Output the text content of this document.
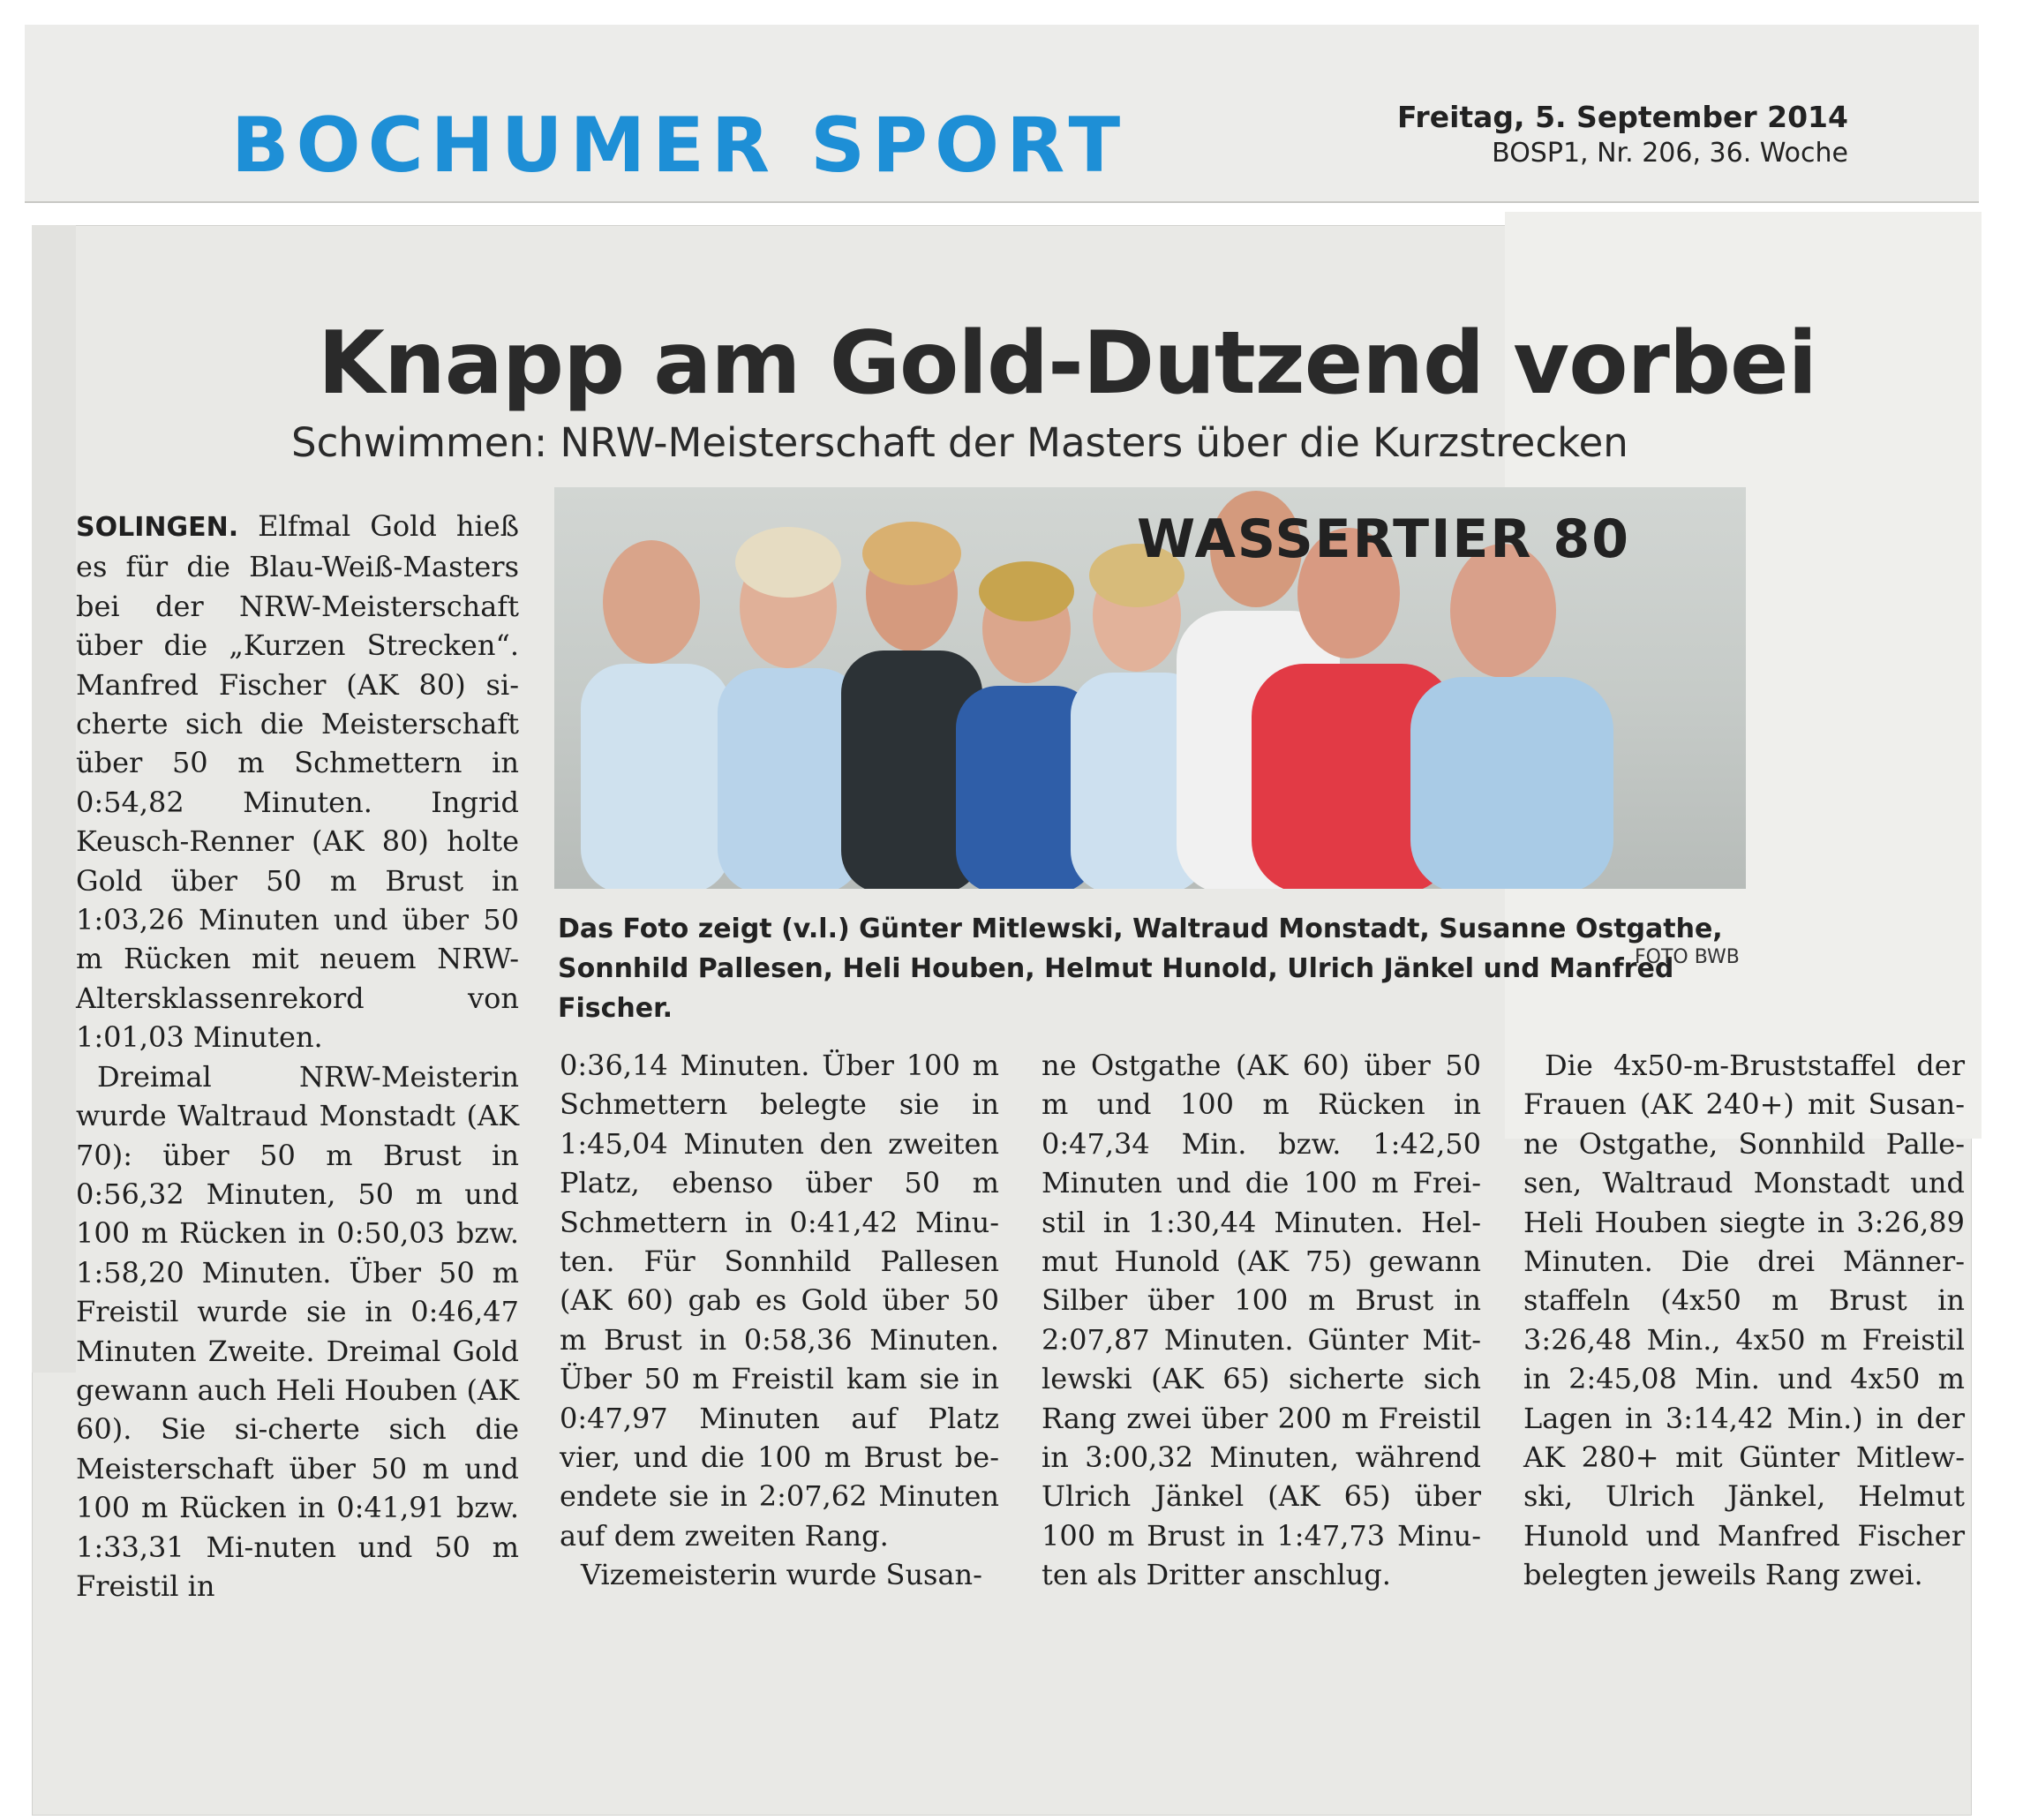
BOCHUMER SPORT	Freitag, 5. September 2014
BOSP1, Nr. 206, 36. Woche
Knapp am Gold-Dutzend vorbei
Schwimmen: NRW-Meisterschaft der Masters über die Kurzstrecken
WASSERTIER 80
Das Foto zeigt (v.l.) Günter Mitlewski, Waltraud Monstadt, Susanne Ostgathe, Sonnhild Pallesen, Heli Houben, Helmut Hunold, Ulrich Jänkel und Manfred Fischer.
FOTO BWB

SOLINGEN. Elfmal Gold hieß es für die Blau-Weiß-Masters bei der NRW-Meisterschaft über die „Kurzen Strecken“. Manfred Fischer (AK 80) si-cherte sich die Meisterschaft über 50 m Schmettern in 0:54,82 Minuten. Ingrid Keusch-Renner (AK 80) holte Gold über 50 m Brust in 1:03,26 Minuten und über 50 m Rücken mit neuem NRW-Altersklassenrekord von 1:01,03 Minuten.

Dreimal NRW-Meisterin wurde Waltraud Monstadt (AK 70): über 50 m Brust in 0:56,32 Minuten, 50 m und 100 m Rücken in 0:50,03 bzw. 1:58,20 Minuten. Über 50 m Freistil wurde sie in 0:46,47 Minuten Zweite. Dreimal Gold gewann auch Heli Houben (AK 60). Sie si-cherte sich die Meisterschaft über 50 m und 100 m Rücken in 0:41,91 bzw. 1:33,31 Mi-nuten und 50 m Freistil in

0:36,14 Minuten. Über 100 m Schmettern belegte sie in 1:45,04 Minuten den zweiten Platz, ebenso über 50 m Schmettern in 0:41,42 Minu-ten. Für Sonnhild Pallesen (AK 60) gab es Gold über 50 m Brust in 0:58,36 Minuten. Über 50 m Freistil kam sie in 0:47,97 Minuten auf Platz vier, und die 100 m Brust be-endete sie in 2:07,62 Minuten auf dem zweiten Rang.

Vizemeisterin wurde Susan-

ne Ostgathe (AK 60) über 50 m und 100 m Rücken in 0:47,34 Min. bzw. 1:42,50 Minuten und die 100 m Frei-stil in 1:30,44 Minuten. Hel-mut Hunold (AK 75) gewann Silber über 100 m Brust in 2:07,87 Minuten. Günter Mit-lewski (AK 65) sicherte sich Rang zwei über 200 m Freistil in 3:00,32 Minuten, während Ulrich Jänkel (AK 65) über 100 m Brust in 1:47,73 Minu-ten als Dritter anschlug.

Die 4x50-m-Bruststaffel der Frauen (AK 240+) mit Susan-ne Ostgathe, Sonnhild Palle-sen, Waltraud Monstadt und Heli Houben siegte in 3:26,89 Minuten. Die drei Männer-staffeln (4x50 m Brust in 3:26,48 Min., 4x50 m Freistil in 2:45,08 Min. und 4x50 m Lagen in 3:14,42 Min.) in der AK 280+ mit Günter Mitlew-ski, Ulrich Jänkel, Helmut Hunold und Manfred Fischer belegten jeweils Rang zwei.
